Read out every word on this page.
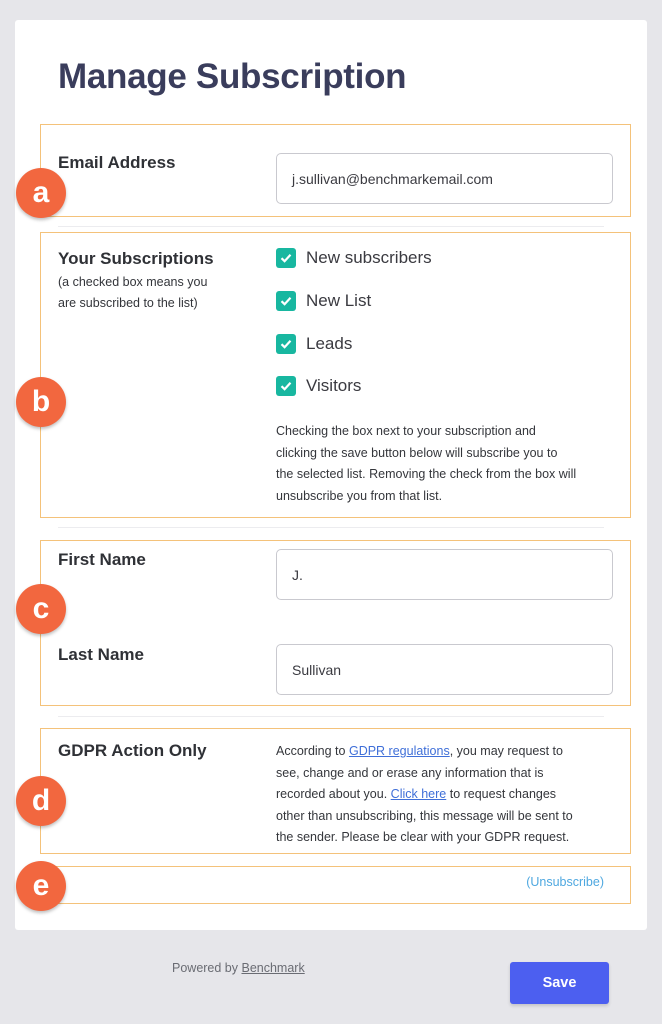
Manage Subscription
Email Address
j.sullivan@benchmarkemail.com
a
Your Subscriptions
(a checked box means you
are subscribed to the list)
New subscribers
New List
Leads
Visitors
Checking the box next to your subscription and
clicking the save button below will subscribe you to
the selected list. Removing the check from the box will
unsubscribe you from that list.
b
First Name
J.
Last Name
Sullivan
c
GDPR Action Only	According to GDPR regulations, you may request to
see, change and or erase any information that is
recorded about you. Click here to request changes
other than unsubscribing, this message will be sent to
the sender. Please be clear with your GDPR request.
d
(Unsubscribe)
e
Powered by Benchmark
Save
